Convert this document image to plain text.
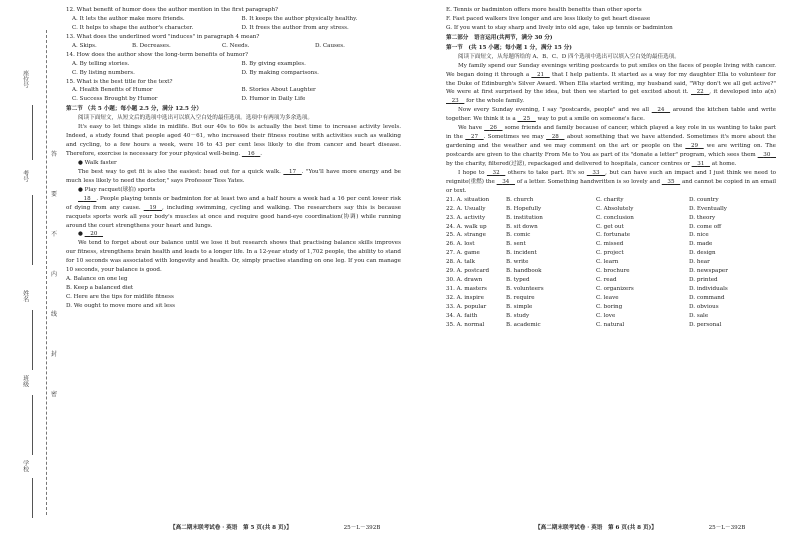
座位号
考号
姓名
班级
学校
答
要
不
内
线
封
密

12. What benefit of humor does the author mention in the first paragraph?

A. It lets the author make more friends.	B. It keeps the author physically healthy.
C. It helps to shape the author's character.	D. It frees the author from any stress.

13. What does the underlined word "induces" in paragraph 4 mean?

A. Skips.	B. Decreases.	C. Needs.	D. Causes.

14. How does the author show the long-term benefits of humor?

A. By telling stories.	B. By giving examples.
C. By listing numbers.	D. By making comparisons.

15. What is the best title for the text?

A. Health Benefits of Humor	B. Stories About Laughter
C. Success Brought by Humor	D. Humor in Daily Life

第二节 （共 5 小题；每小题 2.5 分，满分 12.5 分）

阅读下面短文，从短文后的选项中选出可以填入空白处的最佳选项。选项中有两项为多余选项。

It's easy to let things slide in midlife. But our 40s to 60s is actually the best time to increase activity levels. Indeed, a study found that people aged 40－61, who increased their fitness routine with activities such as walking and cycling, to a few hours a week, were 16 to 43 per cent less likely to die from cancer and heart disease. Therefore, exercise is necessary for your physical well-being. __16__.

● Walk faster

The best way to get fit is also the easiest: head out for a quick walk. __17__. "You'll have more energy and be much less likely to need the doctor," says Professor Tess Yates.

● Play racquet(球拍) sports

__18__. People playing tennis or badminton for at least two and a half hours a week had a 16 per cent lower risk of dying from any cause. __19__, including swimming, cycling and walking. The researchers say this is because racquets sports work all your body's muscles at once and require good hand-eye coordination(协调) while running around the court strengthens your heart and lungs.

● __20__

We tend to forget about our balance until we lose it but research shows that practising balance skills improves our fitness, strengthens brain health and leads to a longer life. In a 12-year study of 1,702 people, the ability to stand for 10 seconds was associated with longevity and health. Or, simply practise standing on one leg. If you can manage 10 seconds, your balance is good.

A. Balance on one leg

B. Keep a balanced diet

C. Here are the tips for midlife fitness

D. We ought to move more and sit less

E. Tennis or badminton offers more health benefits than other sports

F. Fast paced walkers live longer and are less likely to get heart disease

G. If you want to stay sharp and lively into old age, take up tennis or badminton

第二部分　语言运用(共两节，满分 30 分)

第一节　(共 15 小题；每小题 1 分，满分 15 分)

阅读下面短文，从每题所给的 A、B、C、D 四个选项中选出可以填入空白处的最佳选项。

My family spend our Sunday evenings writing postcards to put smiles on the faces of people living with cancer. We began doing it through a __21__ that I help patients. It started as a way for my daughter Ella to volunteer for the Duke of Edinburgh's Silver Award. When Ella started writing, my husband said, "Why don't we all get active?" We were at first surprised by the idea, but then we started to get excited about it. __22__, it developed into a(n) __23__ for the whole family.

Now every Sunday evening, I say "postcards, people" and we all __24__ around the kitchen table and write together. We think it is a __25__ way to put a smile on someone's face.

We have __26__ some friends and family because of cancer, which played a key role in us wanting to take part in the __27__. Sometimes we may __28__ about something that we have attended. Sometimes it's more about the gardening and the weather and we may comment on the art or people on the __29__ we are writing on. The postcards are given to the charity From Me to You as part of its "donate a letter" program, which sees them __30__ by the charity, filtered(过滤), repackaged and delivered to hospitals, cancer centres or __31__ at home.

I hope to __32__ others to take part. It's so __33__, but can have such an impact and I just think we need to reignite(重燃) the __34__ of a letter. Something handwritten is so lovely and __35__ and cannot be copied in an email or text.

21. A. situation	B. church	C. charity	D. country
22. A. Usually	B. Hopefully	C. Absolutely	D. Eventually
23. A. activity	B. institution	C. conclusion	D. theory
24. A. walk up	B. sit down	C. get out	D. come off
25. A. strange	B. comic	C. fortunate	D. nice
26. A. lost	B. sent	C. missed	D. made
27. A. game	B. incident	C. project	D. design
28. A. talk	B. write	C. learn	D. hear
29. A. postcard	B. handbook	C. brochure	D. newspaper
30. A. drawn	B. typed	C. read	D. printed
31. A. masters	B. volunteers	C. organizers	D. individuals
32. A. inspire	B. require	C. leave	D. command
33. A. popular	B. simple	C. boring	D. obvious
34. A. faith	B. study	C. love	D. sale
35. A. normal	B. academic	C. natural	D. personal
【高二期末联考试卷 · 英语　第 5 页(共 8 页)】	25－L－392B	【高二期末联考试卷 · 英语　第 6 页(共 8 页)】	25－L－392B
